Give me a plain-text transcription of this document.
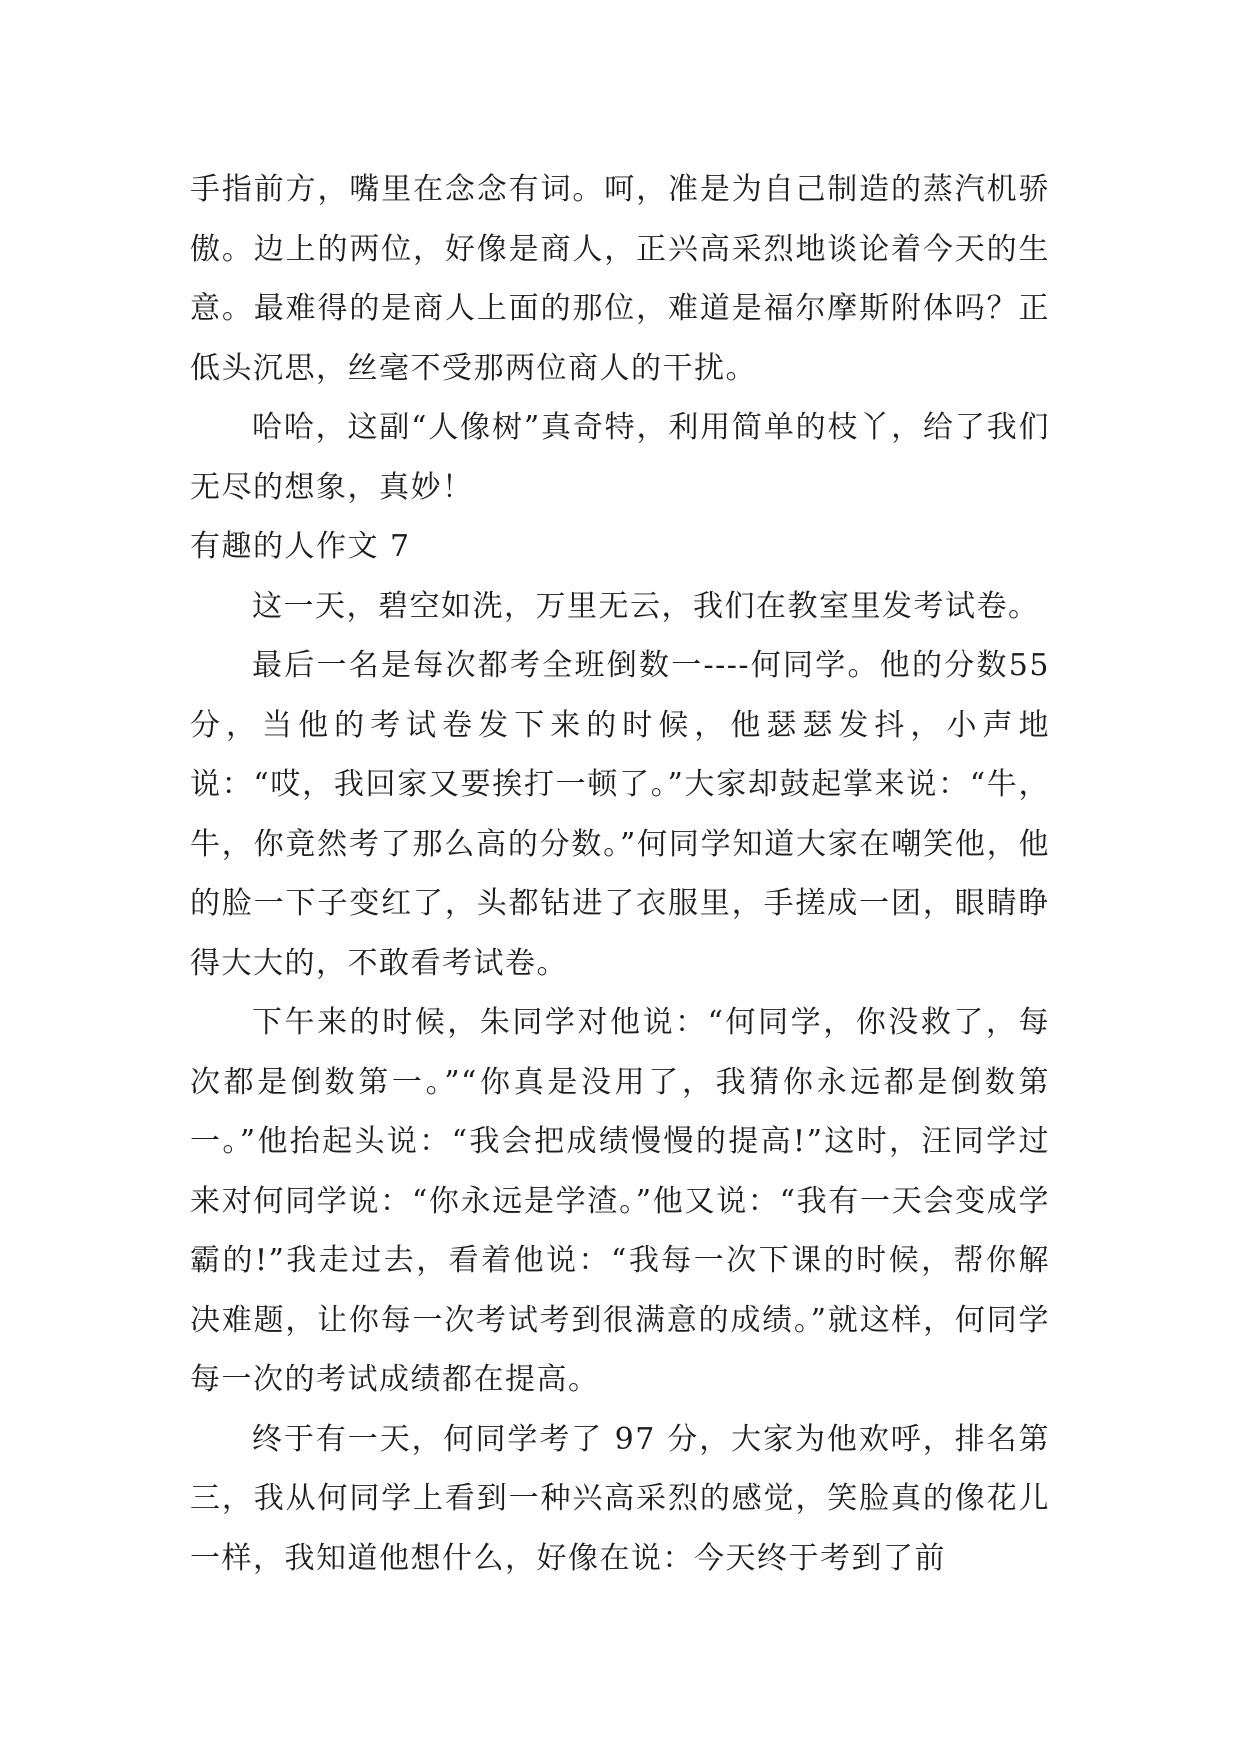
手指前方，嘴里在念念有词。呵，准是为自己制造的蒸汽机骄傲。边上的两位，好像是商人，正兴高采烈地谈论着今天的生意。最难得的是商人上面的那位，难道是福尔摩斯附体吗？正低头沉思，丝毫不受那两位商人的干扰。

哈哈，这副“人像树”真奇特，利用简单的枝丫，给了我们无尽的想象，真妙！

有趣的人作文 7

这一天，碧空如洗，万里无云，我们在教室里发考试卷。

最后一名是每次都考全班倒数一----何同学。他的分数55 分，当他的考试卷发下来的时候，他瑟瑟发抖，小声地说：“哎，我回家又要挨打一顿了。”大家却鼓起掌来说：“牛，牛，你竟然考了那么高的分数。”何同学知道大家在嘲笑他，他的脸一下子变红了，头都钻进了衣服里，手搓成一团，眼睛睁得大大的，不敢看考试卷。

下午来的时候，朱同学对他说：“何同学，你没救了，每次都是倒数第一。”“你真是没用了，我猜你永远都是倒数第一。”他抬起头说：“我会把成绩慢慢的提高!”这时，汪同学过来对何同学说：“你永远是学渣。”他又说：“我有一天会变成学霸的!”我走过去，看着他说：“我每一次下课的时候，帮你解决难题，让你每一次考试考到很满意的成绩。”就这样，何同学每一次的考试成绩都在提高。

终于有一天，何同学考了 97 分，大家为他欢呼，排名第三，我从何同学上看到一种兴高采烈的感觉，笑脸真的像花儿一样，我知道他想什么，好像在说：今天终于考到了前
